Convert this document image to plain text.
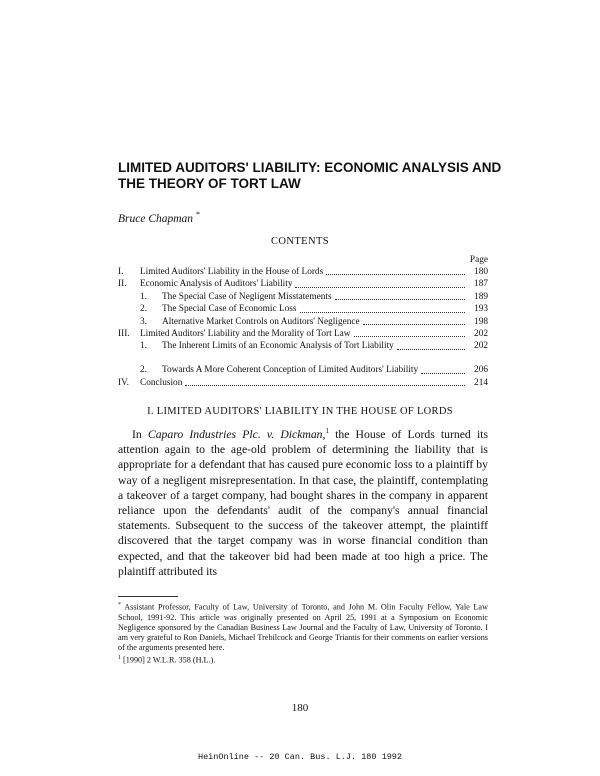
LIMITED AUDITORS' LIABILITY: ECONOMIC ANALYSIS AND THE THEORY OF TORT LAW
Bruce Chapman *
CONTENTS
Page
I.	Limited Auditors' Liability in the House of Lords	180
II.	Economic Analysis of Auditors' Liability	187
1.	The Special Case of Negligent Misstatements	189
2.	The Special Case of Economic Loss	193
3.	Alternative Market Controls on Auditors' Negligence	198
III.	Limited Auditors' Liability and the Morality of Tort Law	202
1.	The Inherent Limits of an Economic Analysis of Tort Liability	202
2.	Towards A More Coherent Conception of Limited Auditors' Liability	206
IV.	Conclusion	214
I. LIMITED AUDITORS' LIABILITY IN THE HOUSE OF LORDS

In Caparo Industries Plc. v. Dickman,$^1$ the House of Lords turned its attention again to the age-old problem of determining the liability that is appropriate for a defendant that has caused pure economic loss to a plaintiff by way of a negligent misrepresentation. In that case, the plaintiff, contemplating a takeover of a target company, had bought shares in the company in apparent reliance upon the defendants' audit of the company's annual financial statements. Subsequent to the success of the takeover attempt, the plaintiff discovered that the target company was in worse financial condition than expected, and that the takeover bid had been made at too high a price. The plaintiff attributed its

* Assistant Professor, Faculty of Law, University of Toronto, and John M. Olin Faculty Fellow, Yale Law School, 1991-92. This article was originally presented on April 25, 1991 at a Symposium on Economic Negligence sponsored by the Canadian Business Law Journal and the Faculty of Law, University of Toronto. I am very grateful to Ron Daniels, Michael Trebilcock and George Triantis for their comments on earlier versions of the arguments presented here.

$^1$ [1990] 2 W.L.R. 358 (H.L.).

180
HeinOnline -- 20 Can. Bus. L.J. 180 1992
